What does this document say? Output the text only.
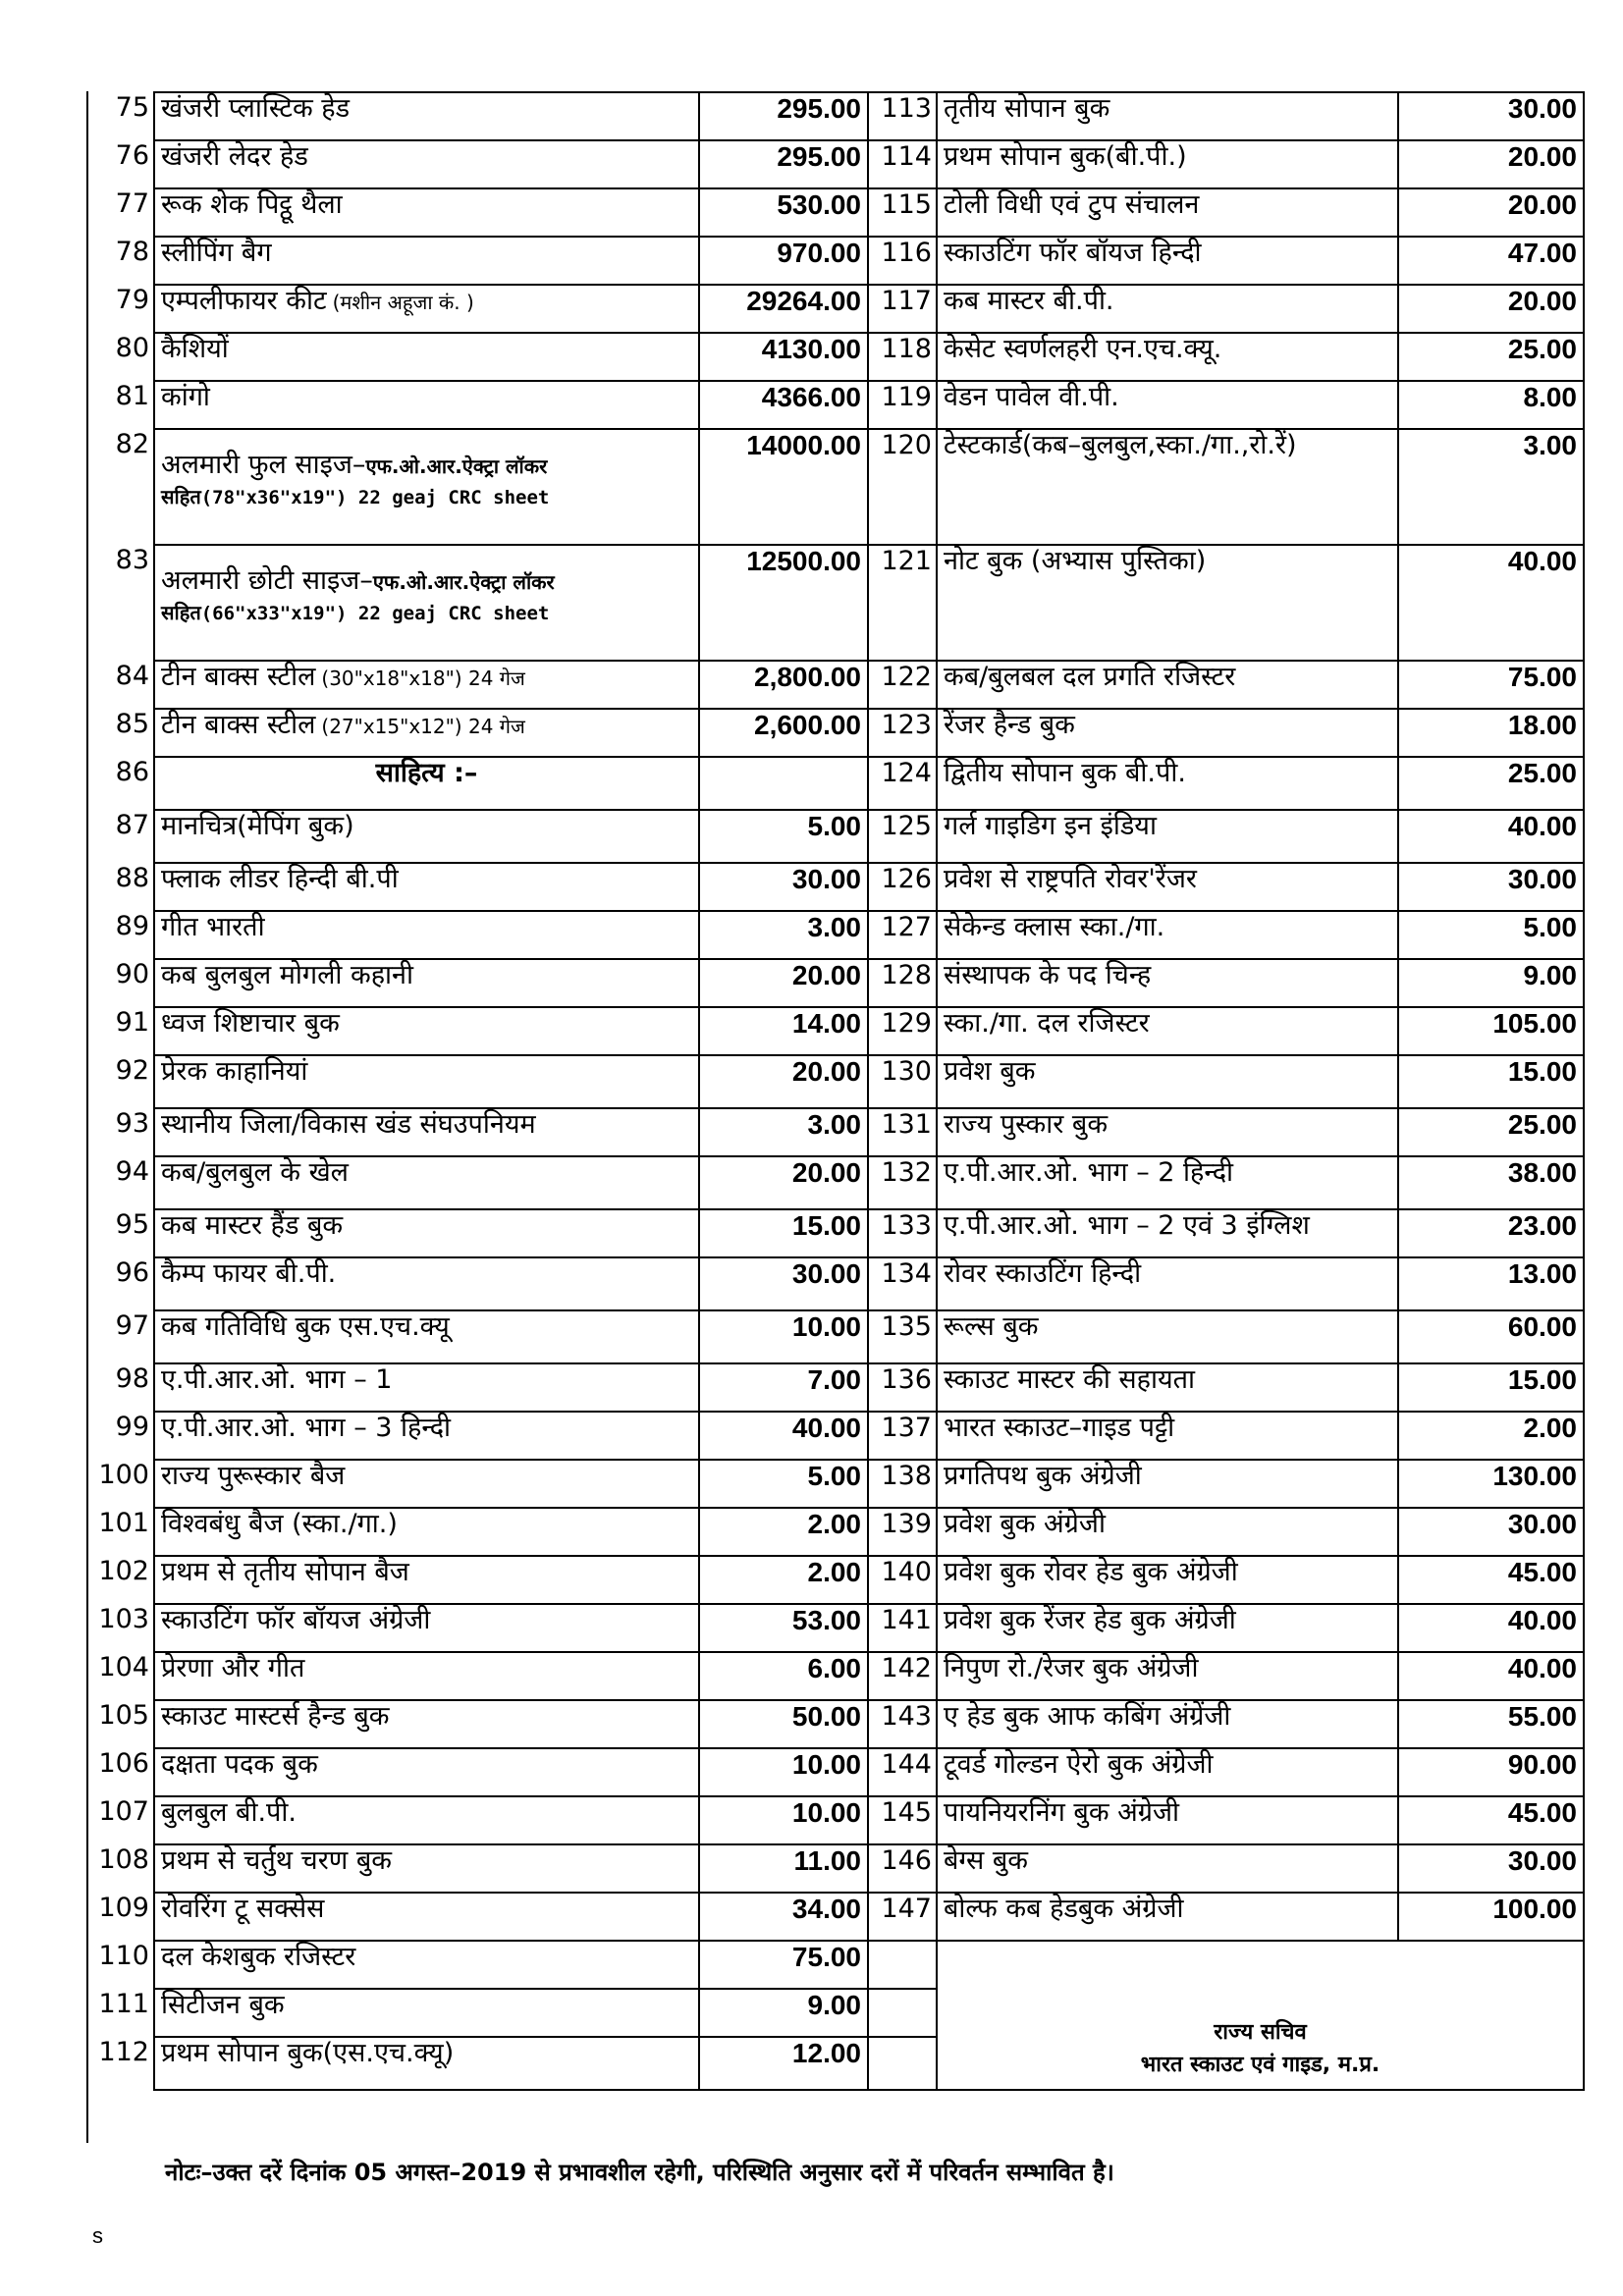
75	खंजरी प्लास्टिक हेड	295.00	113	तृतीय सोपान बुक	30.00
76	खंजरी लेदर हेड	295.00	114	प्रथम सोपान बुक(बी.पी.)	20.00
77	रूक शेक पिट्ठू थैला	530.00	115	टोली विधी एवं टुप संचालन	20.00
78	स्लीपिंग बैग	970.00	116	स्काउटिंग फॉर बॉयज हिन्दी	47.00
79	एम्पलीफायर कीट (मशीन अहूजा कं. )	29264.00	117	कब मास्टर बी.पी.	20.00
80	कैशियों	4130.00	118	केसेट स्वर्णलहरी एन.एच.क्यू.	25.00
81	कांगो	4366.00	119	वेडन पावेल वी.पी.	8.00
82	अलमारी फुल साइज–एफ.ओ.आर.ऐक्ट्रा लॉकर
सहित(78"x36"x19") 22 geaj CRC sheet	14000.00	120	टेस्टकार्ड(कब–बुलबुल,स्का./गा.,रो.रें)	3.00
83	अलमारी छोटी साइज–एफ.ओ.आर.ऐक्ट्रा लॉकर
सहित(66"x33"x19") 22 geaj CRC sheet	12500.00	121	नोट बुक (अभ्यास पुस्तिका)	40.00
84	टीन बाक्स स्टील (30"x18"x18") 24 गेज	2,800.00	122	कब/बुलबल दल प्रगति रजिस्टर	75.00
85	टीन बाक्स स्टील (27"x15"x12") 24 गेज	2,600.00	123	रेंजर हैन्ड बुक	18.00
86	साहित्य :–		124	द्वितीय सोपान बुक बी.पी.	25.00
87	मानचित्र(मेपिंग बुक)	5.00	125	गर्ल गाइडिग इन इंडिया	40.00
88	फ्लाक लीडर हिन्दी बी.पी	30.00	126	प्रवेश से राष्ट्रपति रोवर'रेंजर	30.00
89	गीत भारती	3.00	127	सेकेन्ड क्लास स्का./गा.	5.00
90	कब बुलबुल मोगली कहानी	20.00	128	संस्थापक के पद चिन्ह	9.00
91	ध्वज शिष्टाचार बुक	14.00	129	स्का./गा. दल रजिस्टर	105.00
92	प्रेरक काहानियां	20.00	130	प्रवेश बुक	15.00
93	स्थानीय जिला/विकास खंड संघउपनियम	3.00	131	राज्य पुस्कार बुक	25.00
94	कब/बुलबुल के खेल	20.00	132	ए.पी.आर.ओ. भाग – 2 हिन्दी	38.00
95	कब मास्टर हैंड बुक	15.00	133	ए.पी.आर.ओ. भाग – 2 एवं 3 इंग्लिश	23.00
96	कैम्प फायर बी.पी.	30.00	134	रोवर स्काउटिंग हिन्दी	13.00
97	कब गतिविधि बुक एस.एच.क्यू	10.00	135	रूल्स बुक	60.00
98	ए.पी.आर.ओ. भाग – 1	7.00	136	स्काउट मास्टर की सहायता	15.00
99	ए.पी.आर.ओ. भाग – 3 हिन्दी	40.00	137	भारत स्काउट–गाइड पट्टी	2.00
100	राज्य पुरूस्कार बैज	5.00	138	प्रगतिपथ बुक अंग्रेजी	130.00
101	विश्वबंधु बैज (स्का./गा.)	2.00	139	प्रवेश बुक अंग्रेजी	30.00
102	प्रथम से तृतीय सोपान बैज	2.00	140	प्रवेश बुक रोवर हेड बुक अंग्रेजी	45.00
103	स्काउटिंग फॉर बॉयज अंग्रेजी	53.00	141	प्रवेश बुक रेंजर हेड बुक अंग्रेजी	40.00
104	प्रेरणा और गीत	6.00	142	निपुण रो./रेजर बुक अंग्रेजी	40.00
105	स्काउट मास्टर्स हैन्ड बुक	50.00	143	ए हेड बुक आफ कबिंग अंग्रेंजी	55.00
106	दक्षता पदक बुक	10.00	144	टूवर्ड गोल्डन ऐरो बुक अंग्रेजी	90.00
107	बुलबुल बी.पी.	10.00	145	पायनियरनिंग बुक अंग्रेजी	45.00
108	प्रथम से चर्तुथ चरण बुक	11.00	146	बेग्स बुक	30.00
109	रोवरिंग टू सक्सेस	34.00	147	बोल्फ कब हेडबुक अंग्रेजी	100.00
110	दल केशबुक रजिस्टर	75.00		राज्य सचिव
भारत स्काउट एवं गाइड, म.प्र.	

111	सिटीजन बुक	9.00			
112	प्रथम सोपान बुक(एस.एच.क्यू)	12.00			
नोटः–उक्त दरें दिनांक 05 अगस्त–2019 से प्रभावशील रहेगी, परिस्थिति अनुसार दरों में परिवर्तन सम्भावित है।
s
